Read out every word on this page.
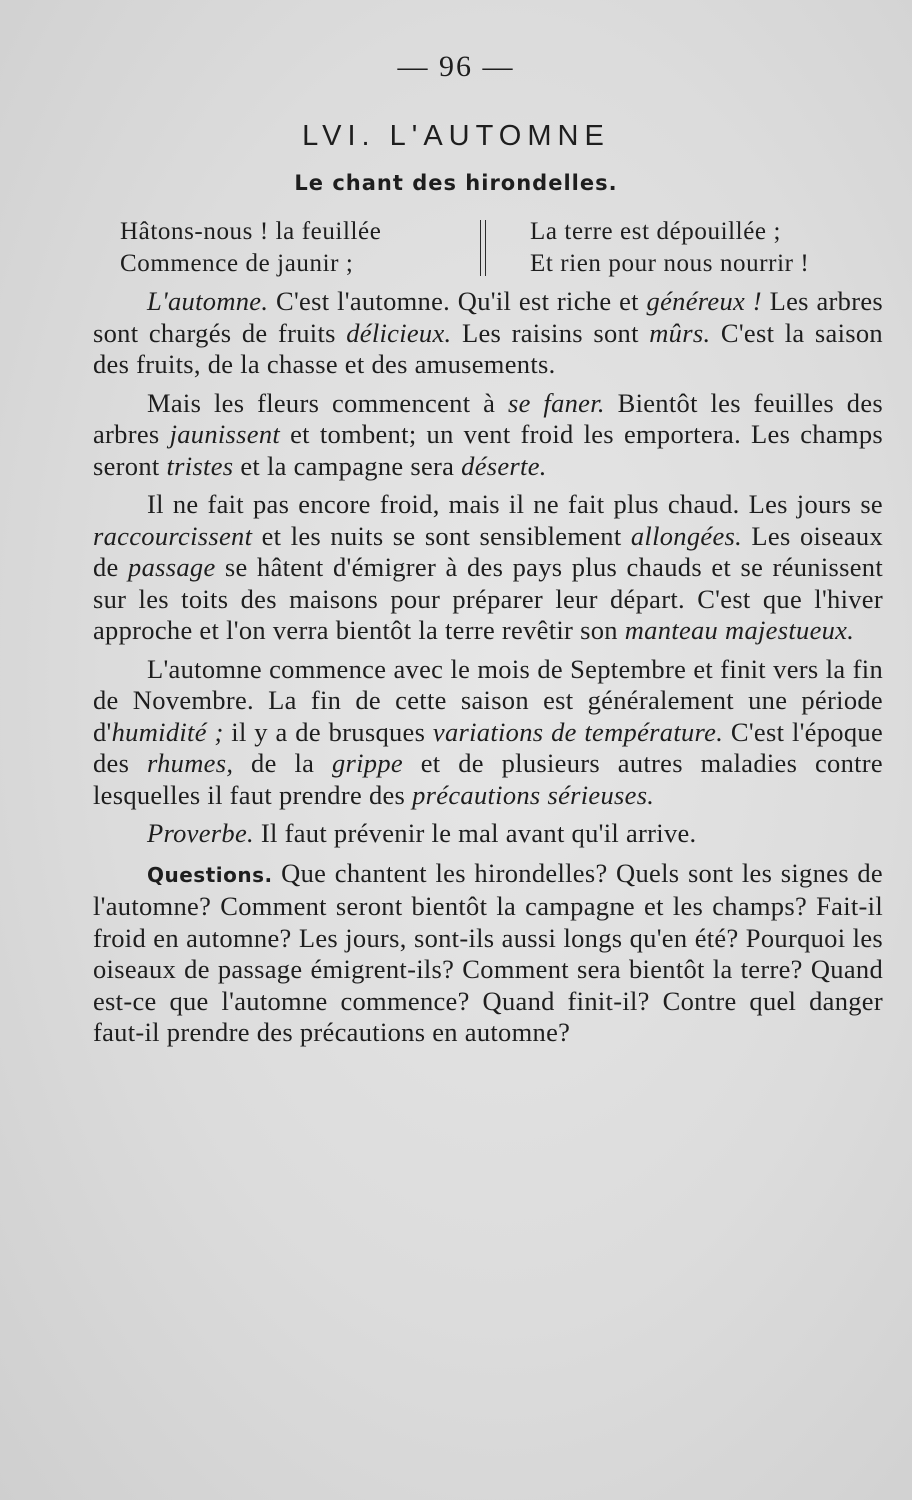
— 96 —
LVI. L'AUTOMNE
Le chant des hirondelles.
Hâtons-nous ! la feuillée
Commence de jaunir ;
La terre est dépouillée ;
Et rien pour nous nourrir !

L'automne. C'est l'automne. Qu'il est riche et généreux ! Les arbres sont chargés de fruits délicieux. Les raisins sont mûrs. C'est la saison des fruits, de la chasse et des amusements.

Mais les fleurs commencent à se faner. Bientôt les feuilles des arbres jaunissent et tombent; un vent froid les emportera. Les champs seront tristes et la campagne sera déserte.

Il ne fait pas encore froid, mais il ne fait plus chaud. Les jours se raccourcissent et les nuits se sont sensiblement allongées. Les oiseaux de passage se hâtent d'émigrer à des pays plus chauds et se réunissent sur les toits des maisons pour préparer leur départ. C'est que l'hiver approche et l'on verra bientôt la terre revêtir son manteau majestueux.

L'automne commence avec le mois de Septembre et finit vers la fin de Novembre. La fin de cette saison est généralement une période d'humidité ; il y a de brusques variations de température. C'est l'époque des rhumes, de la grippe et de plusieurs autres maladies contre lesquelles il faut prendre des précautions sérieuses.

Proverbe. Il faut prévenir le mal avant qu'il arrive.

Questions. Que chantent les hirondelles? Quels sont les signes de l'automne? Comment seront bientôt la campagne et les champs? Fait-il froid en automne? Les jours, sont-ils aussi longs qu'en été? Pourquoi les oiseaux de passage émigrent-ils? Comment sera bientôt la terre? Quand est-ce que l'automne commence? Quand finit-il? Contre quel danger faut-il prendre des précautions en automne?
